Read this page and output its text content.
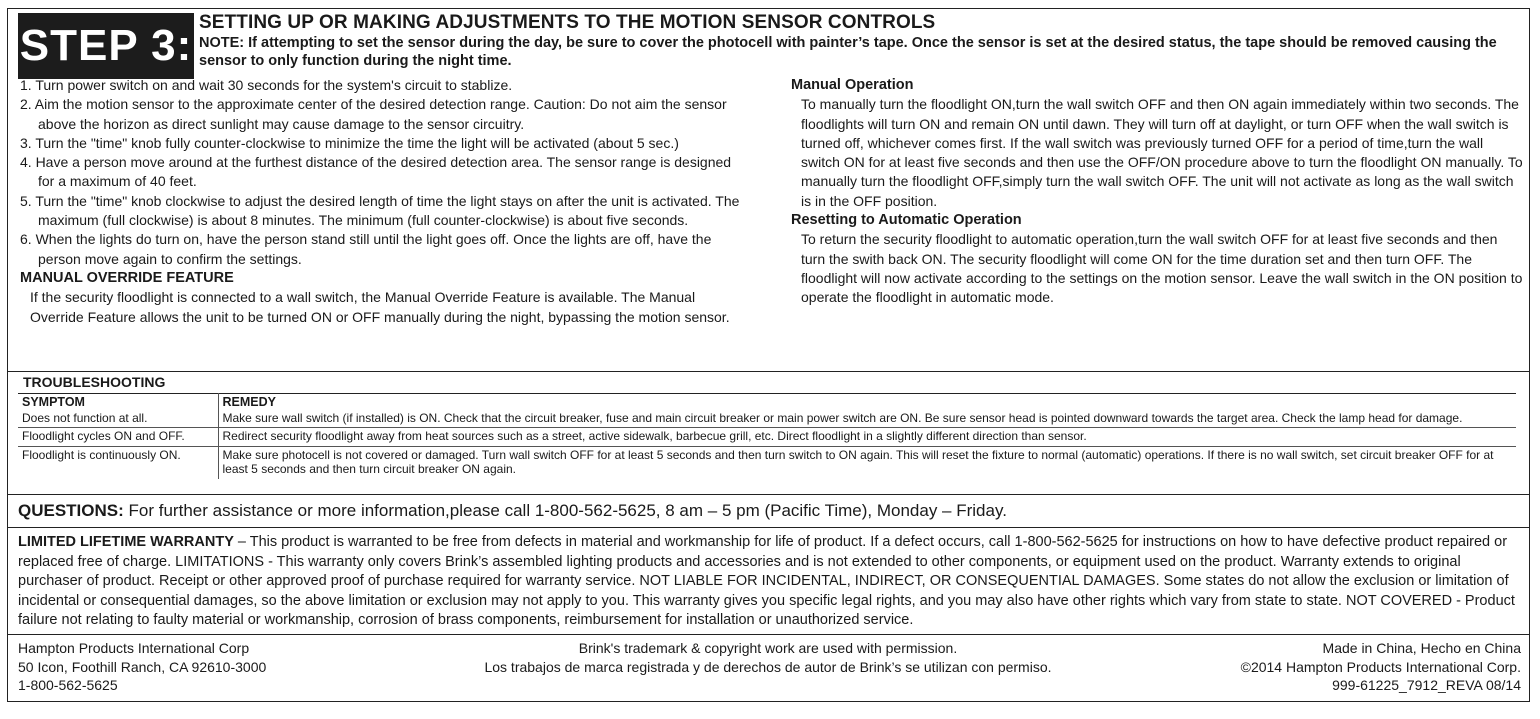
STEP 3: SETTING UP OR MAKING ADJUSTMENTS TO THE MOTION SENSOR CONTROLS
NOTE: If attempting to set the sensor during the day, be sure to cover the photocell with painter’s tape. Once the sensor is set at the desired status, the tape should be removed causing the sensor to only function during the night time.
1. Turn power switch on and wait 30 seconds for the system's circuit to stablize.
2. Aim the motion sensor to the approximate center of the desired detection range. Caution: Do not aim the sensor above the horizon as direct sunlight may cause damage to the sensor circuitry.
3. Turn the "time" knob fully counter-clockwise to minimize the time the light will be activated (about 5 sec.)
4. Have a person move around at the furthest distance of the desired detection area. The sensor range is designed for a maximum of 40 feet.
5. Turn the "time" knob clockwise to adjust the desired length of time the light stays on after the unit is activated. The maximum (full clockwise) is about 8 minutes. The minimum (full counter-clockwise) is about five seconds.
6. When the lights do turn on, have the person stand still until the light goes off. Once the lights are off, have the person move again to confirm the settings.
MANUAL OVERRIDE FEATURE
If the security floodlight is connected to a wall switch, the Manual Override Feature is available. The Manual Override Feature allows the unit to be turned ON or OFF manually during the night, bypassing the motion sensor.
Manual Operation
To manually turn the floodlight ON,turn the wall switch OFF and then ON again immediately within two seconds. The floodlights will turn ON and remain ON until dawn. They will turn off at daylight, or turn OFF when the wall switch is turned off, whichever comes first. If the wall switch was previously turned OFF for a period of time,turn the wall switch ON for at least five seconds and then use the OFF/ON procedure above to turn the floodlight ON manually. To manually turn the floodlight OFF,simply turn the wall switch OFF. The unit will not activate as long as the wall switch is in the OFF position.
Resetting to Automatic Operation
To return the security floodlight to automatic operation,turn the wall switch OFF for at least five seconds and then turn the swith back ON. The security floodlight will come ON for the time duration set and then turn OFF. The floodlight will now activate according to the settings on the motion sensor. Leave the wall switch in the ON position to operate the floodlight in automatic mode.
TROUBLESHOOTING
SYMPTOM	REMEDY
Does not function at all.	Make sure wall switch (if installed) is ON. Check that the circuit breaker, fuse and main circuit breaker or main power switch are ON. Be sure sensor head is pointed downward towards the target area. Check the lamp head for damage.
Floodlight cycles ON and OFF.	Redirect security floodlight away from heat sources such as a street, active sidewalk, barbecue grill, etc. Direct floodlight in a slightly different direction than sensor.
Floodlight is continuously ON.	Make sure photocell is not covered or damaged. Turn wall switch OFF for at least 5 seconds and then turn switch to ON again. This will reset the fixture to normal (automatic) operations. If there is no wall switch, set circuit breaker OFF for at least 5 seconds and then turn circuit breaker ON again.
QUESTIONS: For further assistance or more information,please call 1-800-562-5625, 8 am – 5 pm (Pacific Time), Monday – Friday.
LIMITED LIFETIME WARRANTY – This product is warranted to be free from defects in material and workmanship for life of product. If a defect occurs, call 1-800-562-5625 for instructions on how to have defective product repaired or replaced free of charge. LIMITATIONS - This warranty only covers Brink’s assembled lighting products and accessories and is not extended to other components, or equipment used on the product. Warranty extends to original purchaser of product. Receipt or other approved proof of purchase required for warranty service. NOT LIABLE FOR INCIDENTAL, INDIRECT, OR CONSEQUENTIAL DAMAGES. Some states do not allow the exclusion or limitation of incidental or consequential damages, so the above limitation or exclusion may not apply to you. This warranty gives you specific legal rights, and you may also have other rights which vary from state to state. NOT COVERED - Product failure not relating to faulty material or workmanship, corrosion of brass components, reimbursement for installation or unauthorized service.
Hampton Products International Corp
50 Icon, Foothill Ranch, CA 92610-3000
1-800-562-5625
Brink's trademark & copyright work are used with permission.
Los trabajos de marca registrada y de derechos de autor de Brink’s se utilizan con permiso.
Made in China, Hecho en China
©2014 Hampton Products International Corp.
999-61225_7912_REVA 08/14
